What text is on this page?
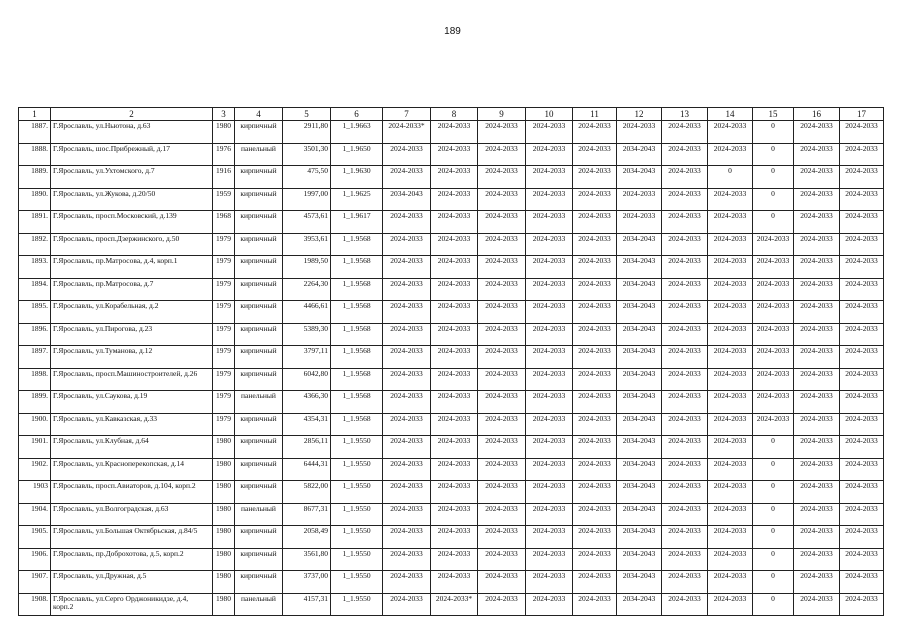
189
1	2	3	4	5	6	7	8	9	10	11	12	13	14	15	16	17
1887.	Г.Ярославль, ул.Ньютона, д.63	1980	кирпичный	2911,80	1_1.9663	2024-2033*	2024-2033	2024-2033	2024-2033	2024-2033	2024-2033	2024-2033	2024-2033	0	2024-2033	2024-2033
1888.	Г.Ярославль, шос.Прибрежный, д.17	1976	панельный	3501,30	1_1.9650	2024-2033	2024-2033	2024-2033	2024-2033	2024-2033	2034-2043	2024-2033	2024-2033	0	2024-2033	2024-2033
1889.	Г.Ярославль, ул.Ухтомского, д.7	1916	кирпичный	475,50	1_1.9630	2024-2033	2024-2033	2024-2033	2024-2033	2024-2033	2034-2043	2024-2033	0	0	2024-2033	2024-2033
1890.	Г.Ярославль, ул.Жукова, д.20/50	1959	кирпичный	1997,00	1_1.9625	2034-2043	2024-2033	2024-2033	2024-2033	2024-2033	2024-2033	2024-2033	2024-2033	0	2024-2033	2024-2033
1891.	Г.Ярославль, просп.Московский, д.139	1968	кирпичный	4573,61	1_1.9617	2024-2033	2024-2033	2024-2033	2024-2033	2024-2033	2024-2033	2024-2033	2024-2033	0	2024-2033	2024-2033
1892.	Г.Ярославль, просп.Дзержинского, д.50	1979	кирпичный	3953,61	1_1.9568	2024-2033	2024-2033	2024-2033	2024-2033	2024-2033	2034-2043	2024-2033	2024-2033	2024-2033	2024-2033	2024-2033
1893.	Г.Ярославль, пр.Матросова, д.4, корп.1	1979	кирпичный	1989,50	1_1.9568	2024-2033	2024-2033	2024-2033	2024-2033	2024-2033	2034-2043	2024-2033	2024-2033	2024-2033	2024-2033	2024-2033
1894.	Г.Ярославль, пр.Матросова, д.7	1979	кирпичный	2264,30	1_1.9568	2024-2033	2024-2033	2024-2033	2024-2033	2024-2033	2034-2043	2024-2033	2024-2033	2024-2033	2024-2033	2024-2033
1895.	Г.Ярославль, ул.Корабельная, д.2	1979	кирпичный	4466,61	1_1.9568	2024-2033	2024-2033	2024-2033	2024-2033	2024-2033	2034-2043	2024-2033	2024-2033	2024-2033	2024-2033	2024-2033
1896.	Г.Ярославль, ул.Пирогова, д.23	1979	кирпичный	5389,30	1_1.9568	2024-2033	2024-2033	2024-2033	2024-2033	2024-2033	2034-2043	2024-2033	2024-2033	2024-2033	2024-2033	2024-2033
1897.	Г.Ярославль, ул.Туманова, д.12	1979	кирпичный	3797,11	1_1.9568	2024-2033	2024-2033	2024-2033	2024-2033	2024-2033	2034-2043	2024-2033	2024-2033	2024-2033	2024-2033	2024-2033
1898.	Г.Ярославль, просп.Машиностроителей, д.26	1979	кирпичный	6042,80	1_1.9568	2024-2033	2024-2033	2024-2033	2024-2033	2024-2033	2034-2043	2024-2033	2024-2033	2024-2033	2024-2033	2024-2033
1899.	Г.Ярославль, ул.Саукова, д.19	1979	панельный	4366,30	1_1.9568	2024-2033	2024-2033	2024-2033	2024-2033	2024-2033	2034-2043	2024-2033	2024-2033	2024-2033	2024-2033	2024-2033
1900.	Г.Ярославль, ул.Кавказская, д.33	1979	кирпичный	4354,31	1_1.9568	2024-2033	2024-2033	2024-2033	2024-2033	2024-2033	2034-2043	2024-2033	2024-2033	2024-2033	2024-2033	2024-2033
1901.	Г.Ярославль, ул.Клубная, д.64	1980	кирпичный	2856,11	1_1.9550	2024-2033	2024-2033	2024-2033	2024-2033	2024-2033	2034-2043	2024-2033	2024-2033	0	2024-2033	2024-2033
1902.	Г.Ярославль, ул.Красноперекопская, д.14	1980	кирпичный	6444,31	1_1.9550	2024-2033	2024-2033	2024-2033	2024-2033	2024-2033	2034-2043	2024-2033	2024-2033	0	2024-2033	2024-2033
1903	Г.Ярославль, просп.Авиаторов, д.104, корп.2	1980	кирпичный	5822,00	1_1.9550	2024-2033	2024-2033	2024-2033	2024-2033	2024-2033	2034-2043	2024-2033	2024-2033	0	2024-2033	2024-2033
1904.	Г.Ярославль, ул.Волгоградская, д.63	1980	панельный	8677,31	1_1.9550	2024-2033	2024-2033	2024-2033	2024-2033	2024-2033	2034-2043	2024-2033	2024-2033	0	2024-2033	2024-2033
1905.	Г.Ярославль, ул.Большая Октябрьская, д.84/5	1980	кирпичный	2058,49	1_1.9550	2024-2033	2024-2033	2024-2033	2024-2033	2024-2033	2034-2043	2024-2033	2024-2033	0	2024-2033	2024-2033
1906.	Г.Ярославль, пр.Доброхотова, д.5, корп.2	1980	кирпичный	3561,80	1_1.9550	2024-2033	2024-2033	2024-2033	2024-2033	2024-2033	2034-2043	2024-2033	2024-2033	0	2024-2033	2024-2033
1907.	Г.Ярославль, ул.Дружная, д.5	1980	кирпичный	3737,00	1_1.9550	2024-2033	2024-2033	2024-2033	2024-2033	2024-2033	2034-2043	2024-2033	2024-2033	0	2024-2033	2024-2033
1908.	Г.Ярославль, ул.Серго Орджоникидзе, д.4, корп.2	1980	панельный	4157,31	1_1.9550	2024-2033	2024-2033*	2024-2033	2024-2033	2024-2033	2034-2043	2024-2033	2024-2033	0	2024-2033	2024-2033
